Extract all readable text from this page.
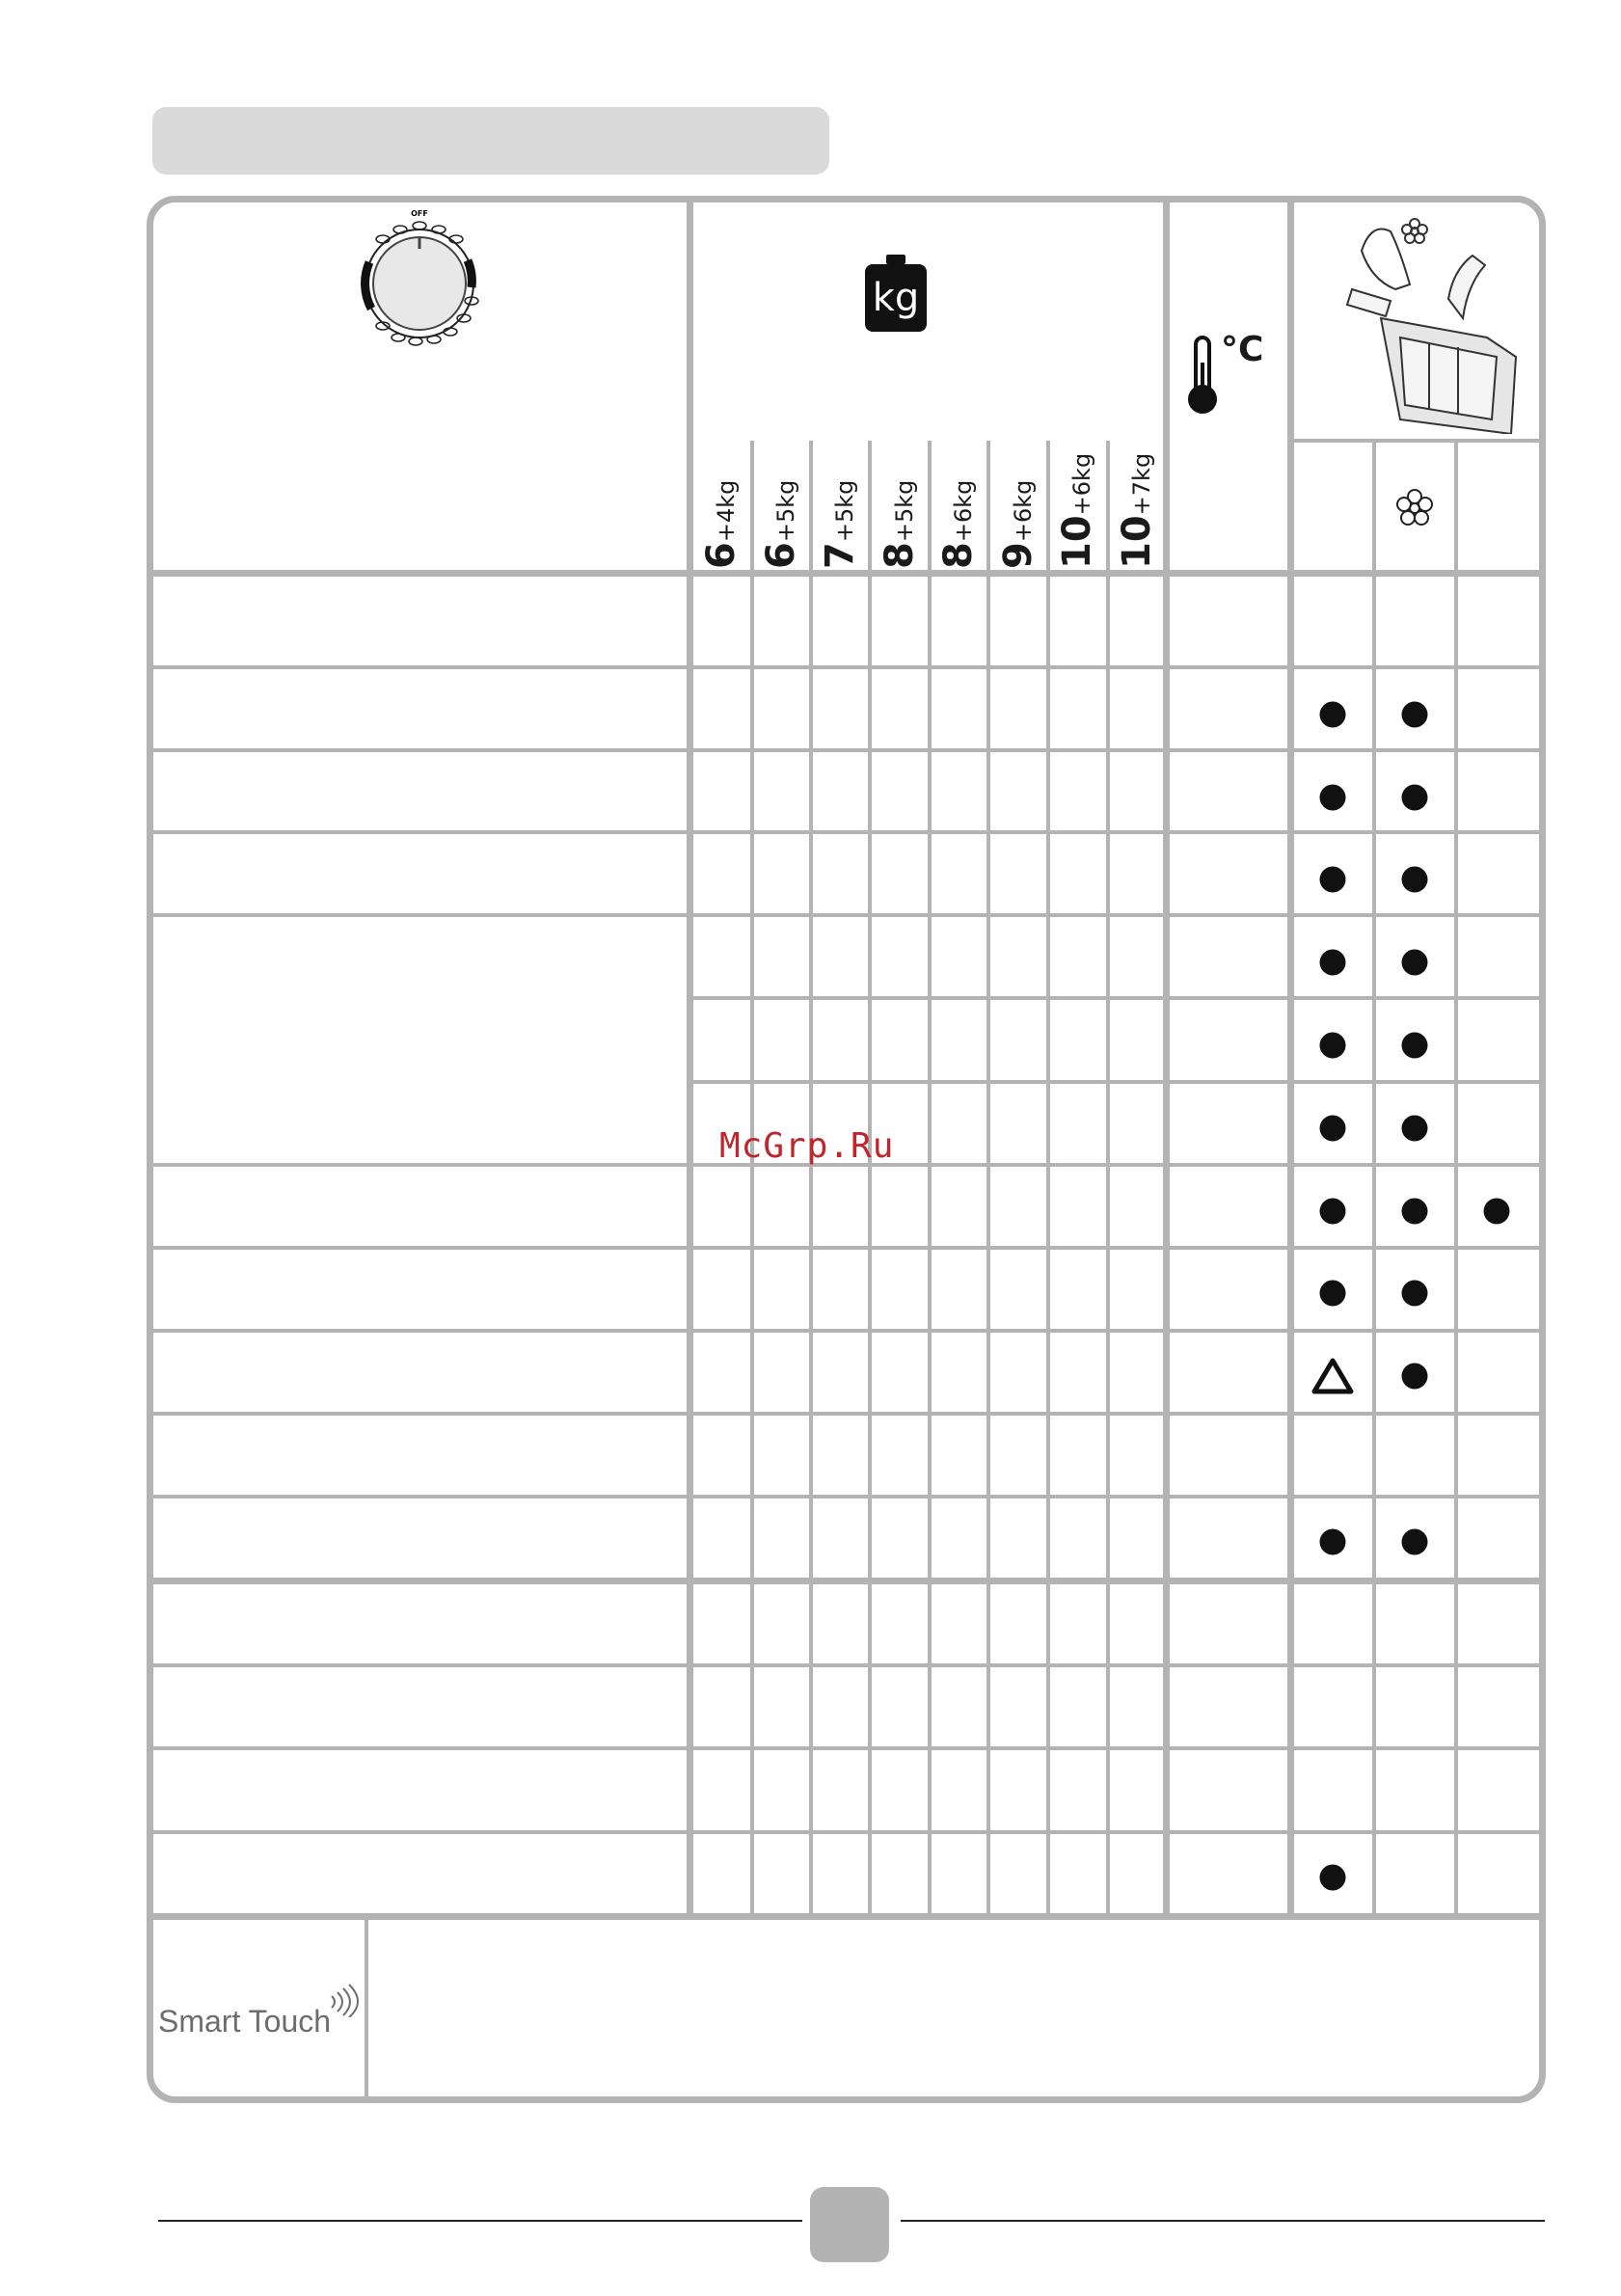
OFF
kg
6+4kg
6+5kg
7+5kg
8+5kg
8+6kg
9+6kg
10+6kg
10+7kg
°C
McGrp.Ru
Smart Touch
